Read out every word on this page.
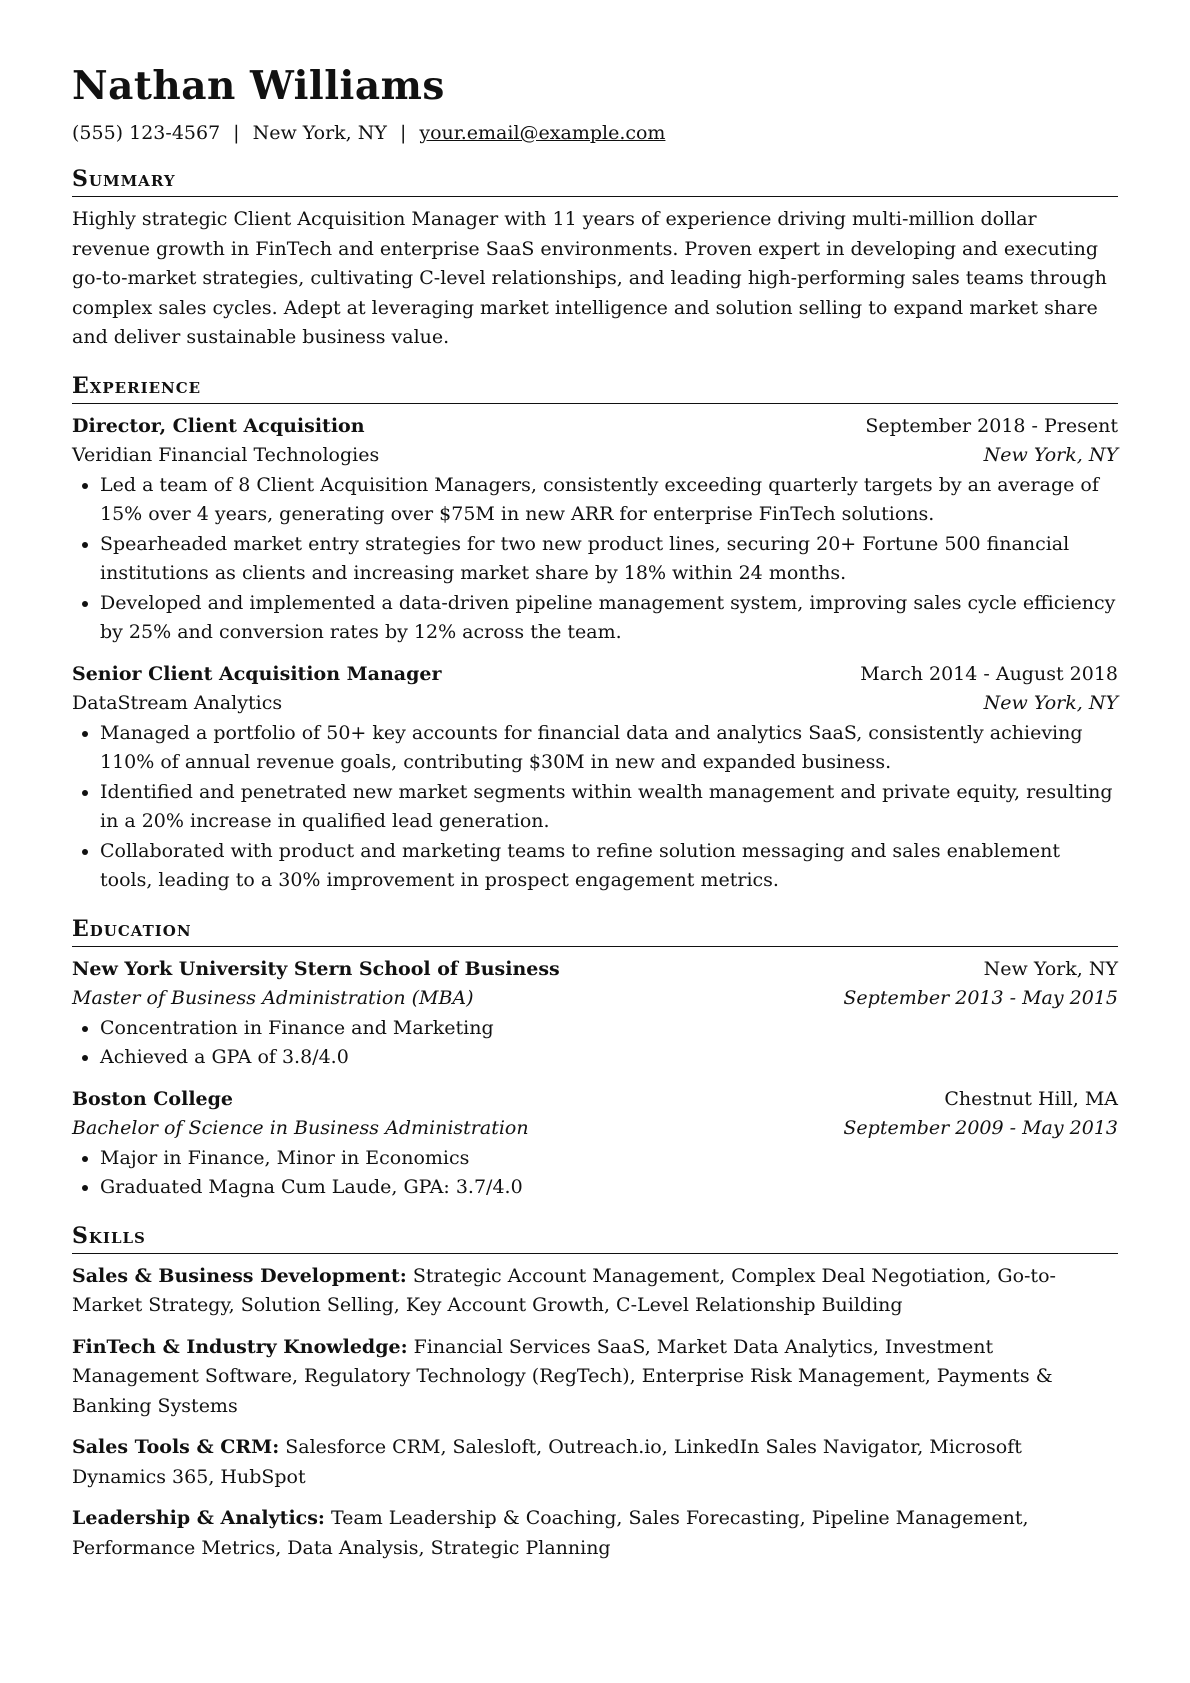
Nathan Williams
(555) 123-4567 | New York, NY | your.email@example.com
Summary

Highly strategic Client Acquisition Manager with 11 years of experience driving multi-million dollar revenue growth in FinTech and enterprise SaaS environments. Proven expert in developing and executing go-to-market strategies, cultivating C-level relationships, and leading high-performing sales teams through complex sales cycles. Adept at leveraging market intelligence and solution selling to expand market share and deliver sustainable business value.

Experience
Director, Client Acquisition	September 2018 - Present
Veridian Financial Technologies	New York, NY
• Led a team of 8 Client Acquisition Managers, consistently exceeding quarterly targets by an average of 15% over 4 years, generating over $75M in new ARR for enterprise FinTech solutions.
• Spearheaded market entry strategies for two new product lines, securing 20+ Fortune 500 financial institutions as clients and increasing market share by 18% within 24 months.
• Developed and implemented a data-driven pipeline management system, improving sales cycle efficiency by 25% and conversion rates by 12% across the team.
Senior Client Acquisition Manager	March 2014 - August 2018
DataStream Analytics	New York, NY
• Managed a portfolio of 50+ key accounts for financial data and analytics SaaS, consistently achieving 110% of annual revenue goals, contributing $30M in new and expanded business.
• Identified and penetrated new market segments within wealth management and private equity, resulting in a 20% increase in qualified lead generation.
• Collaborated with product and marketing teams to refine solution messaging and sales enablement tools, leading to a 30% improvement in prospect engagement metrics.
Education
New York University Stern School of Business	New York, NY
Master of Business Administration (MBA)	September 2013 - May 2015
• Concentration in Finance and Marketing
• Achieved a GPA of 3.8/4.0
Boston College	Chestnut Hill, MA
Bachelor of Science in Business Administration	September 2009 - May 2013
• Major in Finance, Minor in Economics
• Graduated Magna Cum Laude, GPA: 3.7/4.0
Skills
Sales & Business Development: Strategic Account Management, Complex Deal Negotiation, Go-to-Market Strategy, Solution Selling, Key Account Growth, C-Level Relationship Building
FinTech & Industry Knowledge: Financial Services SaaS, Market Data Analytics, Investment Management Software, Regulatory Technology (RegTech), Enterprise Risk Management, Payments & Banking Systems
Sales Tools & CRM: Salesforce CRM, Salesloft, Outreach.io, LinkedIn Sales Navigator, Microsoft Dynamics 365, HubSpot
Leadership & Analytics: Team Leadership & Coaching, Sales Forecasting, Pipeline Management, Performance Metrics, Data Analysis, Strategic Planning
